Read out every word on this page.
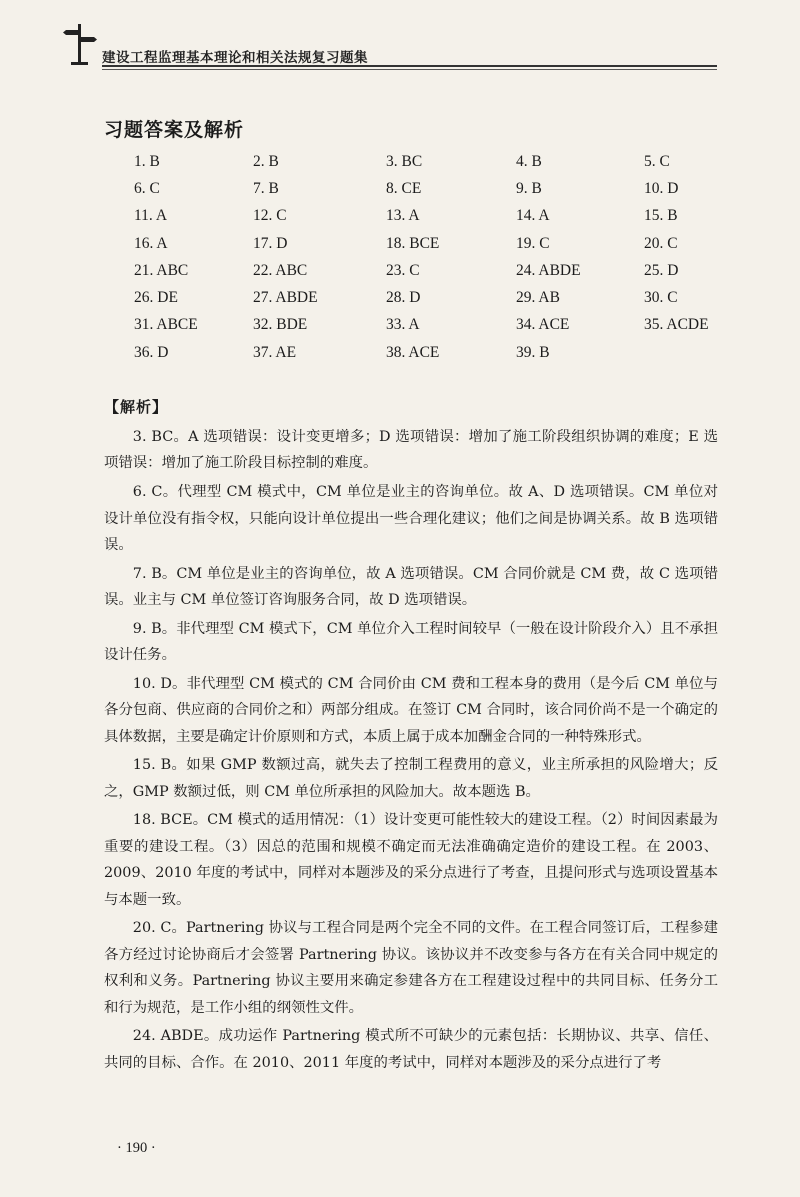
建设工程监理基本理论和相关法规复习题集
习题答案及解析
1. B	2. B	3. BC	4. B	5. C
6. C	7. B	8. CE	9. B	10. D
11. A	12. C	13. A	14. A	15. B
16. A	17. D	18. BCE	19. C	20. C
21. ABC	22. ABC	23. C	24. ABDE	25. D
26. DE	27. ABDE	28. D	29. AB	30. C
31. ABCE	32. BDE	33. A	34. ACE	35. ACDE
36. D	37. AE	38. ACE	39. B
【解析】

3. BC。A 选项错误：设计变更增多；D 选项错误：增加了施工阶段组织协调的难度；E 选项错误：增加了施工阶段目标控制的难度。

6. C。代理型 CM 模式中，CM 单位是业主的咨询单位。故 A、D 选项错误。CM 单位对设计单位没有指令权，只能向设计单位提出一些合理化建议；他们之间是协调关系。故 B 选项错误。

7. B。CM 单位是业主的咨询单位，故 A 选项错误。CM 合同价就是 CM 费，故 C 选项错误。业主与 CM 单位签订咨询服务合同，故 D 选项错误。

9. B。非代理型 CM 模式下，CM 单位介入工程时间较早（一般在设计阶段介入）且不承担设计任务。

10. D。非代理型 CM 模式的 CM 合同价由 CM 费和工程本身的费用（是今后 CM 单位与各分包商、供应商的合同价之和）两部分组成。在签订 CM 合同时，该合同价尚不是一个确定的具体数据，主要是确定计价原则和方式，本质上属于成本加酬金合同的一种特殊形式。

15. B。如果 GMP 数额过高，就失去了控制工程费用的意义，业主所承担的风险增大；反之，GMP 数额过低，则 CM 单位所承担的风险加大。故本题选 B。

18. BCE。CM 模式的适用情况：（1）设计变更可能性较大的建设工程。（2）时间因素最为重要的建设工程。（3）因总的范围和规模不确定而无法准确确定造价的建设工程。在 2003、2009、2010 年度的考试中，同样对本题涉及的采分点进行了考查，且提问形式与选项设置基本与本题一致。

20. C。Partnering 协议与工程合同是两个完全不同的文件。在工程合同签订后，工程参建各方经过讨论协商后才会签署 Partnering 协议。该协议并不改变参与各方在有关合同中规定的权利和义务。Partnering 协议主要用来确定参建各方在工程建设过程中的共同目标、任务分工和行为规范，是工作小组的纲领性文件。

24. ABDE。成功运作 Partnering 模式所不可缺少的元素包括：长期协议、共享、信任、共同的目标、合作。在 2010、2011 年度的考试中，同样对本题涉及的采分点进行了考

· 190 ·
